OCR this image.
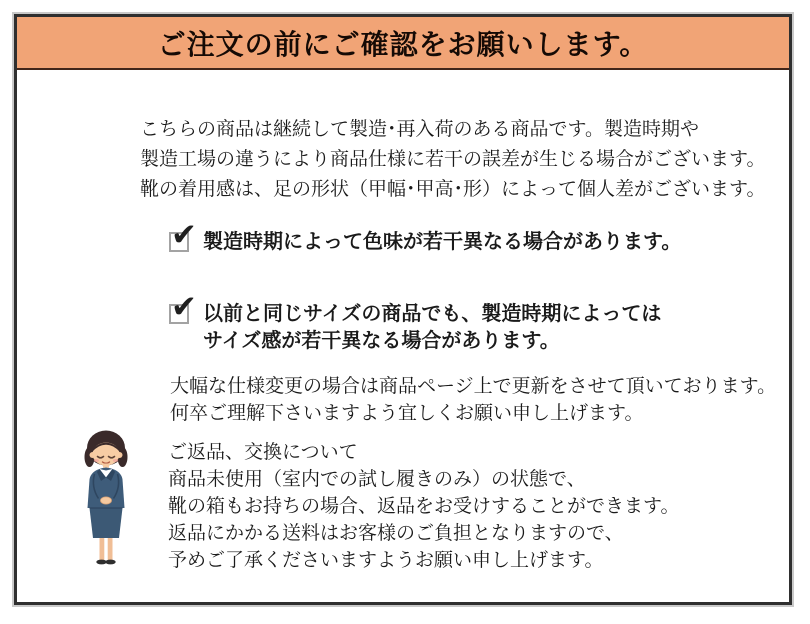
ご注文の前にご確認をお願いします。
こちらの商品は継続して製造･再入荷のある商品です。製造時期や
製造工場の違うにより商品仕様に若干の誤差が生じる場合がございます。
靴の着用感は、足の形状（甲幅･甲高･形）によって個人差がございます。
✔ 製造時期によって色味が若干異なる場合があります。
✔ 以前と同じサイズの商品でも、製造時期によっては
サイズ感が若干異なる場合があります。
大幅な仕様変更の場合は商品ページ上で更新をさせて頂いております。
何卒ご理解下さいますよう宜しくお願い申し上げます。
ご返品、交換について
商品未使用（室内での試し履きのみ）の状態で、
靴の箱もお持ちの場合、返品をお受けすることができます。
返品にかかる送料はお客様のご負担となりますので、
予めご了承くださいますようお願い申し上げます。
